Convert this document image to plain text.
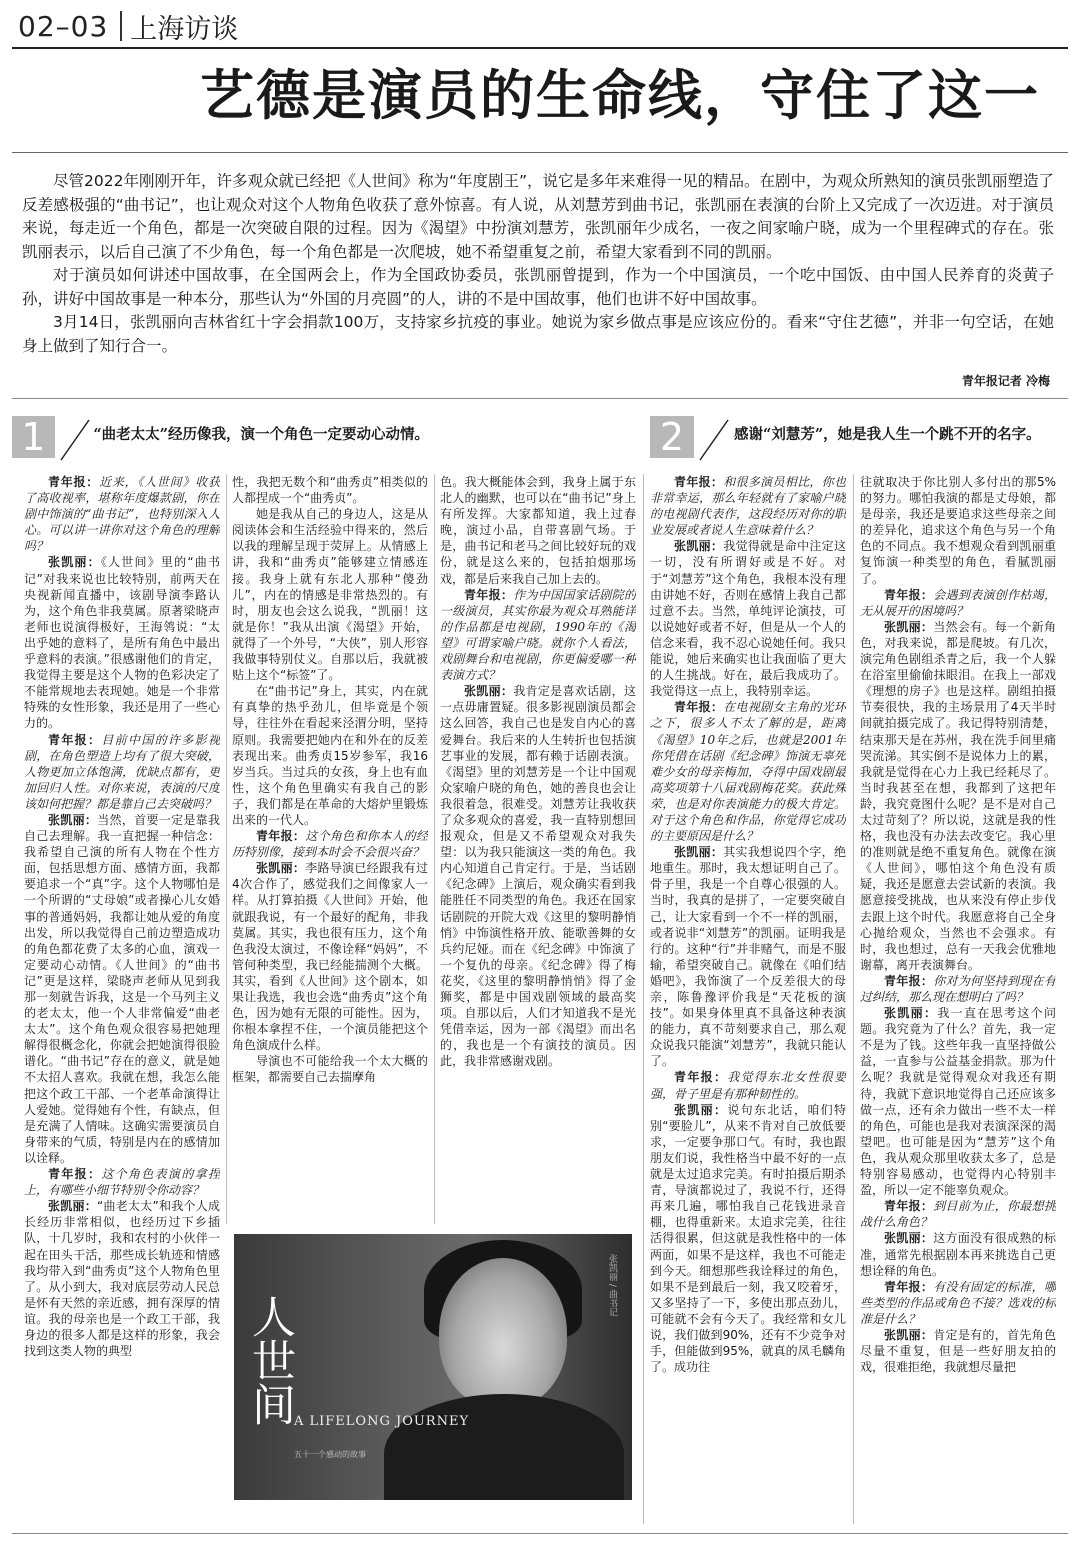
02–03 上海访谈
艺德是演员的生命线，守住了这一

尽管2022年刚刚开年，许多观众就已经把《人世间》称为“年度剧王”，说它是多年来难得一见的精品。在剧中，为观众所熟知的演员张凯丽塑造了反差感极强的“曲书记”，也让观众对这个人物角色收获了意外惊喜。有人说，从刘慧芳到曲书记，张凯丽在表演的台阶上又完成了一次迈进。对于演员来说，每走近一个角色，都是一次突破自限的过程。因为《渴望》中扮演刘慧芳，张凯丽年少成名，一夜之间家喻户晓，成为一个里程碑式的存在。张凯丽表示，以后自己演了不少角色，每一个角色都是一次爬坡，她不希望重复之前，希望大家看到不同的凯丽。

对于演员如何讲述中国故事，在全国两会上，作为全国政协委员，张凯丽曾提到，作为一个中国演员，一个吃中国饭、由中国人民养育的炎黄子孙，讲好中国故事是一种本分，那些认为“外国的月亮圆”的人，讲的不是中国故事，他们也讲不好中国故事。

3月14日，张凯丽向吉林省红十字会捐款100万，支持家乡抗疫的事业。她说为家乡做点事是应该应份的。看来“守住艺德”，并非一句空话，在她身上做到了知行合一。

青年报记者 冷梅
1	“曲老太太”经历像我，演一个角色一定要动心动情。	2	感谢“刘慧芳”，她是我人生一个跳不开的名字。

青年报：近来，《人世间》收获了高收视率，堪称年度爆款剧，你在剧中饰演的“曲书记”，也特别深入人心。可以讲一讲你对这个角色的理解吗？

张凯丽：《人世间》里的“曲书记”对我来说也比较特别，前两天在央视新闻直播中，该剧导演李路认为，这个角色非我莫属。原著梁晓声老师也说演得极好，王海鸰说：“太出乎她的意料了，是所有角色中最出乎意料的表演。”很感谢他们的肯定，我觉得主要是这个人物的色彩决定了不能常规地去表现她。她是一个非常特殊的女性形象，我还是用了一些心力的。

青年报：目前中国的许多影视剧，在角色塑造上均有了很大突破，人物更加立体饱满，优缺点都有，更加回归人性。对你来说，表演的尺度该如何把握？都是靠自己去突破吗？

张凯丽：当然，首要一定是靠我自己去理解。我一直把握一种信念：我希望自己演的所有人物在个性方面，包括思想方面、感情方面，我都要追求一个“真”字。这个人物哪怕是一个所谓的“丈母娘”或者操心儿女婚事的普通妈妈，我都让她从爱的角度出发，所以我觉得自己前边塑造成功的角色都花费了太多的心血，演戏一定要动心动情。《人世间》的“曲书记”更是这样，梁晓声老师从见到我那一刻就告诉我，这是一个马列主义的老太太，他一个人非常偏爱“曲老太太”。这个角色观众很容易把她理解得很概念化，你就会把她演得很脸谱化。“曲书记”存在的意义，就是她不太招人喜欢。我就在想，我怎么能把这个政工干部、一个老革命演得让人爱她。觉得她有个性，有缺点，但是充满了人情味。这确实需要演员自身带来的气质，特别是内在的感情加以诠释。

青年报：这个角色表演的拿捏上，有哪些小细节特别令你动容？

张凯丽：“曲老太太”和我个人成长经历非常相似，也经历过下乡插队，十几岁时，我和农村的小伙伴一起在田头干活，那些成长轨迹和情感我均带入到“曲秀贞”这个人物角色里了。从小到大，我对底层劳动人民总是怀有天然的亲近感，拥有深厚的情谊。我的母亲也是一个政工干部，我身边的很多人都是这样的形象，我会找到这类人物的典型

性，我把无数个和“曲秀贞”相类似的人都捏成一个“曲秀贞”。

她是我从自己的身边人，这是从阅读体会和生活经验中得来的，然后以我的理解呈现于荧屏上。从情感上讲，我和“曲秀贞”能够建立情感连接。我身上就有东北人那种“傻劲儿”，内在的情感是非常热烈的。有时，朋友也会这么说我，“凯丽！这就是你！”我从出演《渴望》开始，就得了一个外号，“大侠”，别人形容我做事特别仗义。自那以后，我就被贴上这个“标签”了。

在“曲书记”身上，其实，内在就有真挚的热乎劲儿，但毕竟是个领导，往往外在看起来泾渭分明，坚持原则。我需要把她内在和外在的反差表现出来。曲秀贞15岁参军，我16岁当兵。当过兵的女孩，身上也有血性，这个角色里确实有我自己的影子，我们都是在革命的大熔炉里锻炼出来的一代人。

青年报：这个角色和你本人的经历特别像，接到本时会不会很兴奋？

张凯丽：李路导演已经跟我有过4次合作了，感觉我们之间像家人一样。从打算拍摄《人世间》开始，他就跟我说，有一个最好的配角，非我莫属。其实，我也很有压力，这个角色我没太演过，不像诠释“妈妈”，不管何种类型，我已经能揣测个大概。其实，看到《人世间》这个剧本，如果让我选，我也会选“曲秀贞”这个角色，因为她有无限的可能性。因为，你根本拿捏不住，一个演员能把这个角色演成什么样。

导演也不可能给我一个太大概的框架，都需要自己去揣摩角

色。我大概能体会到，我身上属于东北人的幽默，也可以在“曲书记”身上有所发挥。大家都知道，我上过春晚，演过小品，自带喜剧气场。于是，曲书记和老马之间比较好玩的戏份，就是这么来的，包括拍烟那场戏，都是后来我自己加上去的。

青年报：作为中国国家话剧院的一级演员，其实你最为观众耳熟能详的作品都是电视剧，1990年的《渴望》可谓家喻户晓。就你个人看法，戏剧舞台和电视剧，你更偏爱哪一种表演方式？

张凯丽：我肯定是喜欢话剧，这一点毋庸置疑。很多影视剧演员都会这么回答，我自己也是发自内心的喜爱舞台。我后来的人生转折也包括演艺事业的发展，都有赖于话剧表演。《渴望》里的刘慧芳是一个让中国观众家喻户晓的角色，她的善良也会让我很着急，很难受。刘慧芳让我收获了众多观众的喜爱，我一直特别想回报观众，但是又不希望观众对我失望：以为我只能演这一类的角色。我内心知道自己肯定行。于是，当话剧《纪念碑》上演后，观众确实看到我能胜任不同类型的角色。我还在国家话剧院的开院大戏《这里的黎明静悄悄》中饰演性格开放、能歌善舞的女兵约尼娅。而在《纪念碑》中饰演了一个复仇的母亲。《纪念碑》得了梅花奖，《这里的黎明静悄悄》得了金狮奖，都是中国戏剧领域的最高奖项。自那以后，人们才知道我不是光凭借幸运，因为一部《渴望》而出名的，我也是一个有演技的演员。因此，我非常感谢戏剧。

青年报：和很多演员相比，你也非常幸运，那么年轻就有了家喻户晓的电视剧代表作，这段经历对你的职业发展或者说人生意味着什么？

张凯丽：我觉得就是命中注定这一切，没有所谓好或是不好。对于“刘慧芳”这个角色，我根本没有理由讲她不好，否则在感情上我自己都过意不去。当然，单纯评论演技，可以说她好或者不好，但是从一个人的信念来看，我不忍心说她任何。我只能说，她后来确实也让我面临了更大的人生挑战。好在，最后我成功了。我觉得这一点上，我特别幸运。

青年报：在电视剧女主角的光环之下，很多人不太了解的是，距离《渴望》10年之后，也就是2001年你凭借在话剧《纪念碑》饰演无辜死难少女的母亲梅加，夺得中国戏剧最高奖项第十八届戏剧梅花奖。获此殊荣，也是对你表演能力的极大肯定。对于这个角色和作品，你觉得它成功的主要原因是什么？

张凯丽：其实我想说四个字，绝地重生。那时，我太想证明自己了。骨子里，我是一个自尊心很强的人。当时，我真的是拼了，一定要突破自己，让大家看到一个不一样的凯丽，或者说非“刘慧芳”的凯丽。证明我是行的。这种“行”并非赌气，而是不服输，希望突破自己。就像在《咱们结婚吧》，我饰演了一个反差很大的母亲，陈鲁豫评价我是“天花板的演技”。如果身体里真不具备这种表演的能力，真不苛刻要求自己，那么观众说我只能演“刘慧芳”，我就只能认了。

青年报：我觉得东北女性很要强，骨子里是有那种韧性的。

张凯丽：说句东北话，咱们特别“要脸儿”，从来不肯对自己放低要求，一定要争那口气。有时，我也跟朋友们说，我性格当中最不好的一点就是太过追求完美。有时拍摄后期杀青，导演都说过了，我说不行，还得再来几遍，哪怕我自己花钱进录音棚，也得重新来。太追求完美，往往活得很累，但这就是我性格中的一体两面，如果不是这样，我也不可能走到今天。细想那些我诠释过的角色，如果不是到最后一刻，我又咬着牙，又多坚持了一下，多使出那点劲儿，可能就不会有今天了。我经常和女儿说，我们做到90%，还有不少竞争对手，但能做到95%，就真的凤毛麟角了。成功往

往就取决于你比别人多付出的那5%的努力。哪怕我演的都是丈母娘，都是母亲，我还是要追求这些母亲之间的差异化，追求这个角色与另一个角色的不同点。我不想观众看到凯丽重复饰演一种类型的角色，看腻凯丽了。

青年报：会遇到表演创作枯竭，无从展开的困境吗？

张凯丽：当然会有。每一个新角色，对我来说，都是爬坡。有几次，演完角色剧组杀青之后，我一个人躲在浴室里偷偷抹眼泪。在我上一部戏《理想的房子》也是这样。剧组拍摄节奏很快，我的主场景用了4天半时间就拍摄完成了。我记得特别清楚，结束那天是在苏州，我在洗手间里痛哭流涕。其实倒不是说体力上的累，我就是觉得在心力上我已经耗尽了。当时我甚至在想，我都到了这把年龄，我究竟图什么呢？是不是对自己太过苛刻了？所以说，这就是我的性格，我也没有办法去改变它。我心里的准则就是绝不重复角色。就像在演《人世间》，哪怕这个角色没有质疑，我还是愿意去尝试新的表演。我愿意接受挑战，也从来没有停止步伐去跟上这个时代。我愿意将自己全身心抛给观众，当然也不会强求。有时，我也想过，总有一天我会优雅地谢幕，离开表演舞台。

青年报：你对为何坚持到现在有过纠结，那么现在想明白了吗？

张凯丽：我一直在思考这个问题。我究竟为了什么？首先，我一定不是为了钱。这些年我一直坚持做公益，一直参与公益基金捐款。那为什么呢？我就是觉得观众对我还有期待，我就下意识地觉得自己还应该多做一点，还有余力做出一些不太一样的角色，可能也是我对表演深深的渴望吧。也可能是因为“慧芳”这个角色，我从观众那里收获太多了，总是特别容易感动，也觉得内心特别丰盈，所以一定不能辜负观众。

青年报：到目前为止，你最想挑战什么角色？

张凯丽：这方面没有很成熟的标准，通常先根据剧本再来挑选自己更想诠释的角色。

青年报：有没有固定的标准，哪些类型的作品或角色不接？选戏的标准是什么？

张凯丽：肯定是有的，首先角色尽量不重复，但是一些好朋友拍的戏，很难拒绝，我就想尽量把

人世间 A LIFELONG JOURNEY
五十一个感动的故事
张凯丽 / 曲书记
